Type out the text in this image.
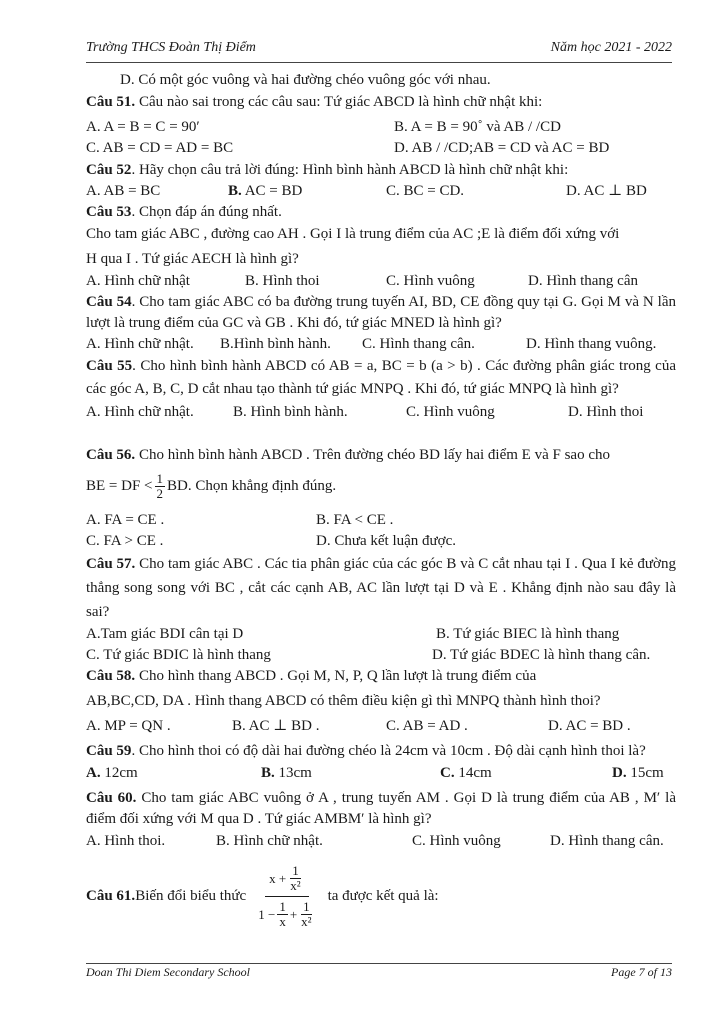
Trường THCS Đoàn Thị Điểm	Năm học 2021 - 2022
D. Có một góc vuông và hai đường chéo vuông góc với nhau.
Câu 51. Câu nào sai trong các câu sau: Tứ giác ABCD là hình chữ nhật khi:
A. A = B = C = 90ʹ	B. A = B = 90˚ và AB / /CD
C. AB = CD = AD = BC	D. AB / /CD;AB = CD và AC = BD
Câu 52. Hãy chọn câu trả lời đúng: Hình bình hành ABCD là hình chữ nhật khi:
A. AB = BC	B. AC = BD	C. BC = CD.	D. AC ⊥ BD
Câu 53. Chọn đáp án đúng nhất.
Cho tam giác ABC , đường cao AH . Gọi I là trung điểm của AC ;E là điểm đối xứng với
H qua I . Tứ giác AECH là hình gì?
A. Hình chữ nhật	B. Hình thoi	C. Hình vuông	D. Hình thang cân
Câu 54. Cho tam giác ABC có ba đường trung tuyến AI, BD, CE đồng quy tại G. Gọi M và N lần lượt là trung điểm của GC và GB . Khi đó, tứ giác MNED là hình gì?
A. Hình chữ nhật. B.Hình bình hành. C. Hình thang cân.	D. Hình thang vuông.
Câu 55. Cho hình bình hành ABCD có AB = a, BC = b (a > b) . Các đường phân giác trong của các góc A, B, C, D cắt nhau tạo thành tứ giác MNPQ . Khi đó, tứ giác MNPQ là hình gì?
A. Hình chữ nhật.	B. Hình bình hành.	C. Hình vuông	D. Hình thoi
Câu 56. Cho hình bình hành ABCD . Trên đường chéo BD lấy hai điểm E và F sao cho
BE = DF < $\frac{1}{2}$ BD. Chọn khẳng định đúng.
A. FA = CE .	B. FA < CE .
C. FA > CE .	D. Chưa kết luận được.
Câu 57. Cho tam giác ABC . Các tia phân giác của các góc B và C cắt nhau tại I . Qua I kẻ đường thẳng song song với BC , cắt các cạnh AB, AC lần lượt tại D và E . Khẳng định nào sau đây là sai?
A.Tam giác BDI cân tại D	B. Tứ giác BIEC là hình thang
C. Tứ giác BDIC là hình thang	D. Tứ giác BDEC là hình thang cân.
Câu 58. Cho hình thang ABCD . Gọi M, N, P, Q lần lượt là trung điểm của
AB,BC,CD, DA . Hình thang ABCD có thêm điều kiện gì thì MNPQ thành hình thoi?
A. MP = QN .	B. AC ⊥ BD .	C. AB = AD .	D. AC = BD .
Câu 59. Cho hình thoi có độ dài hai đường chéo là 24cm và 10cm . Độ dài cạnh hình thoi là?
A. 12cm	B. 13cm	C. 14cm	D. 15cm
Câu 60. Cho tam giác ABC vuông ở A , trung tuyến AM . Gọi D là trung điểm của AB , Mʹ là điểm đối xứng với M qua D . Tứ giác AMBMʹ là hình gì?
A. Hình thoi.	B. Hình chữ nhật.	C. Hình vuông	D. Hình thang cân.
Câu 61. Biến đổi biểu thức
$x + \frac{1}{\text{x²}}$
$1 - \frac{1}{x} + \frac{1}{\text{x²}}$
ta được kết quả là:
Doan Thi Diem Secondary School	Page 7 of 13
